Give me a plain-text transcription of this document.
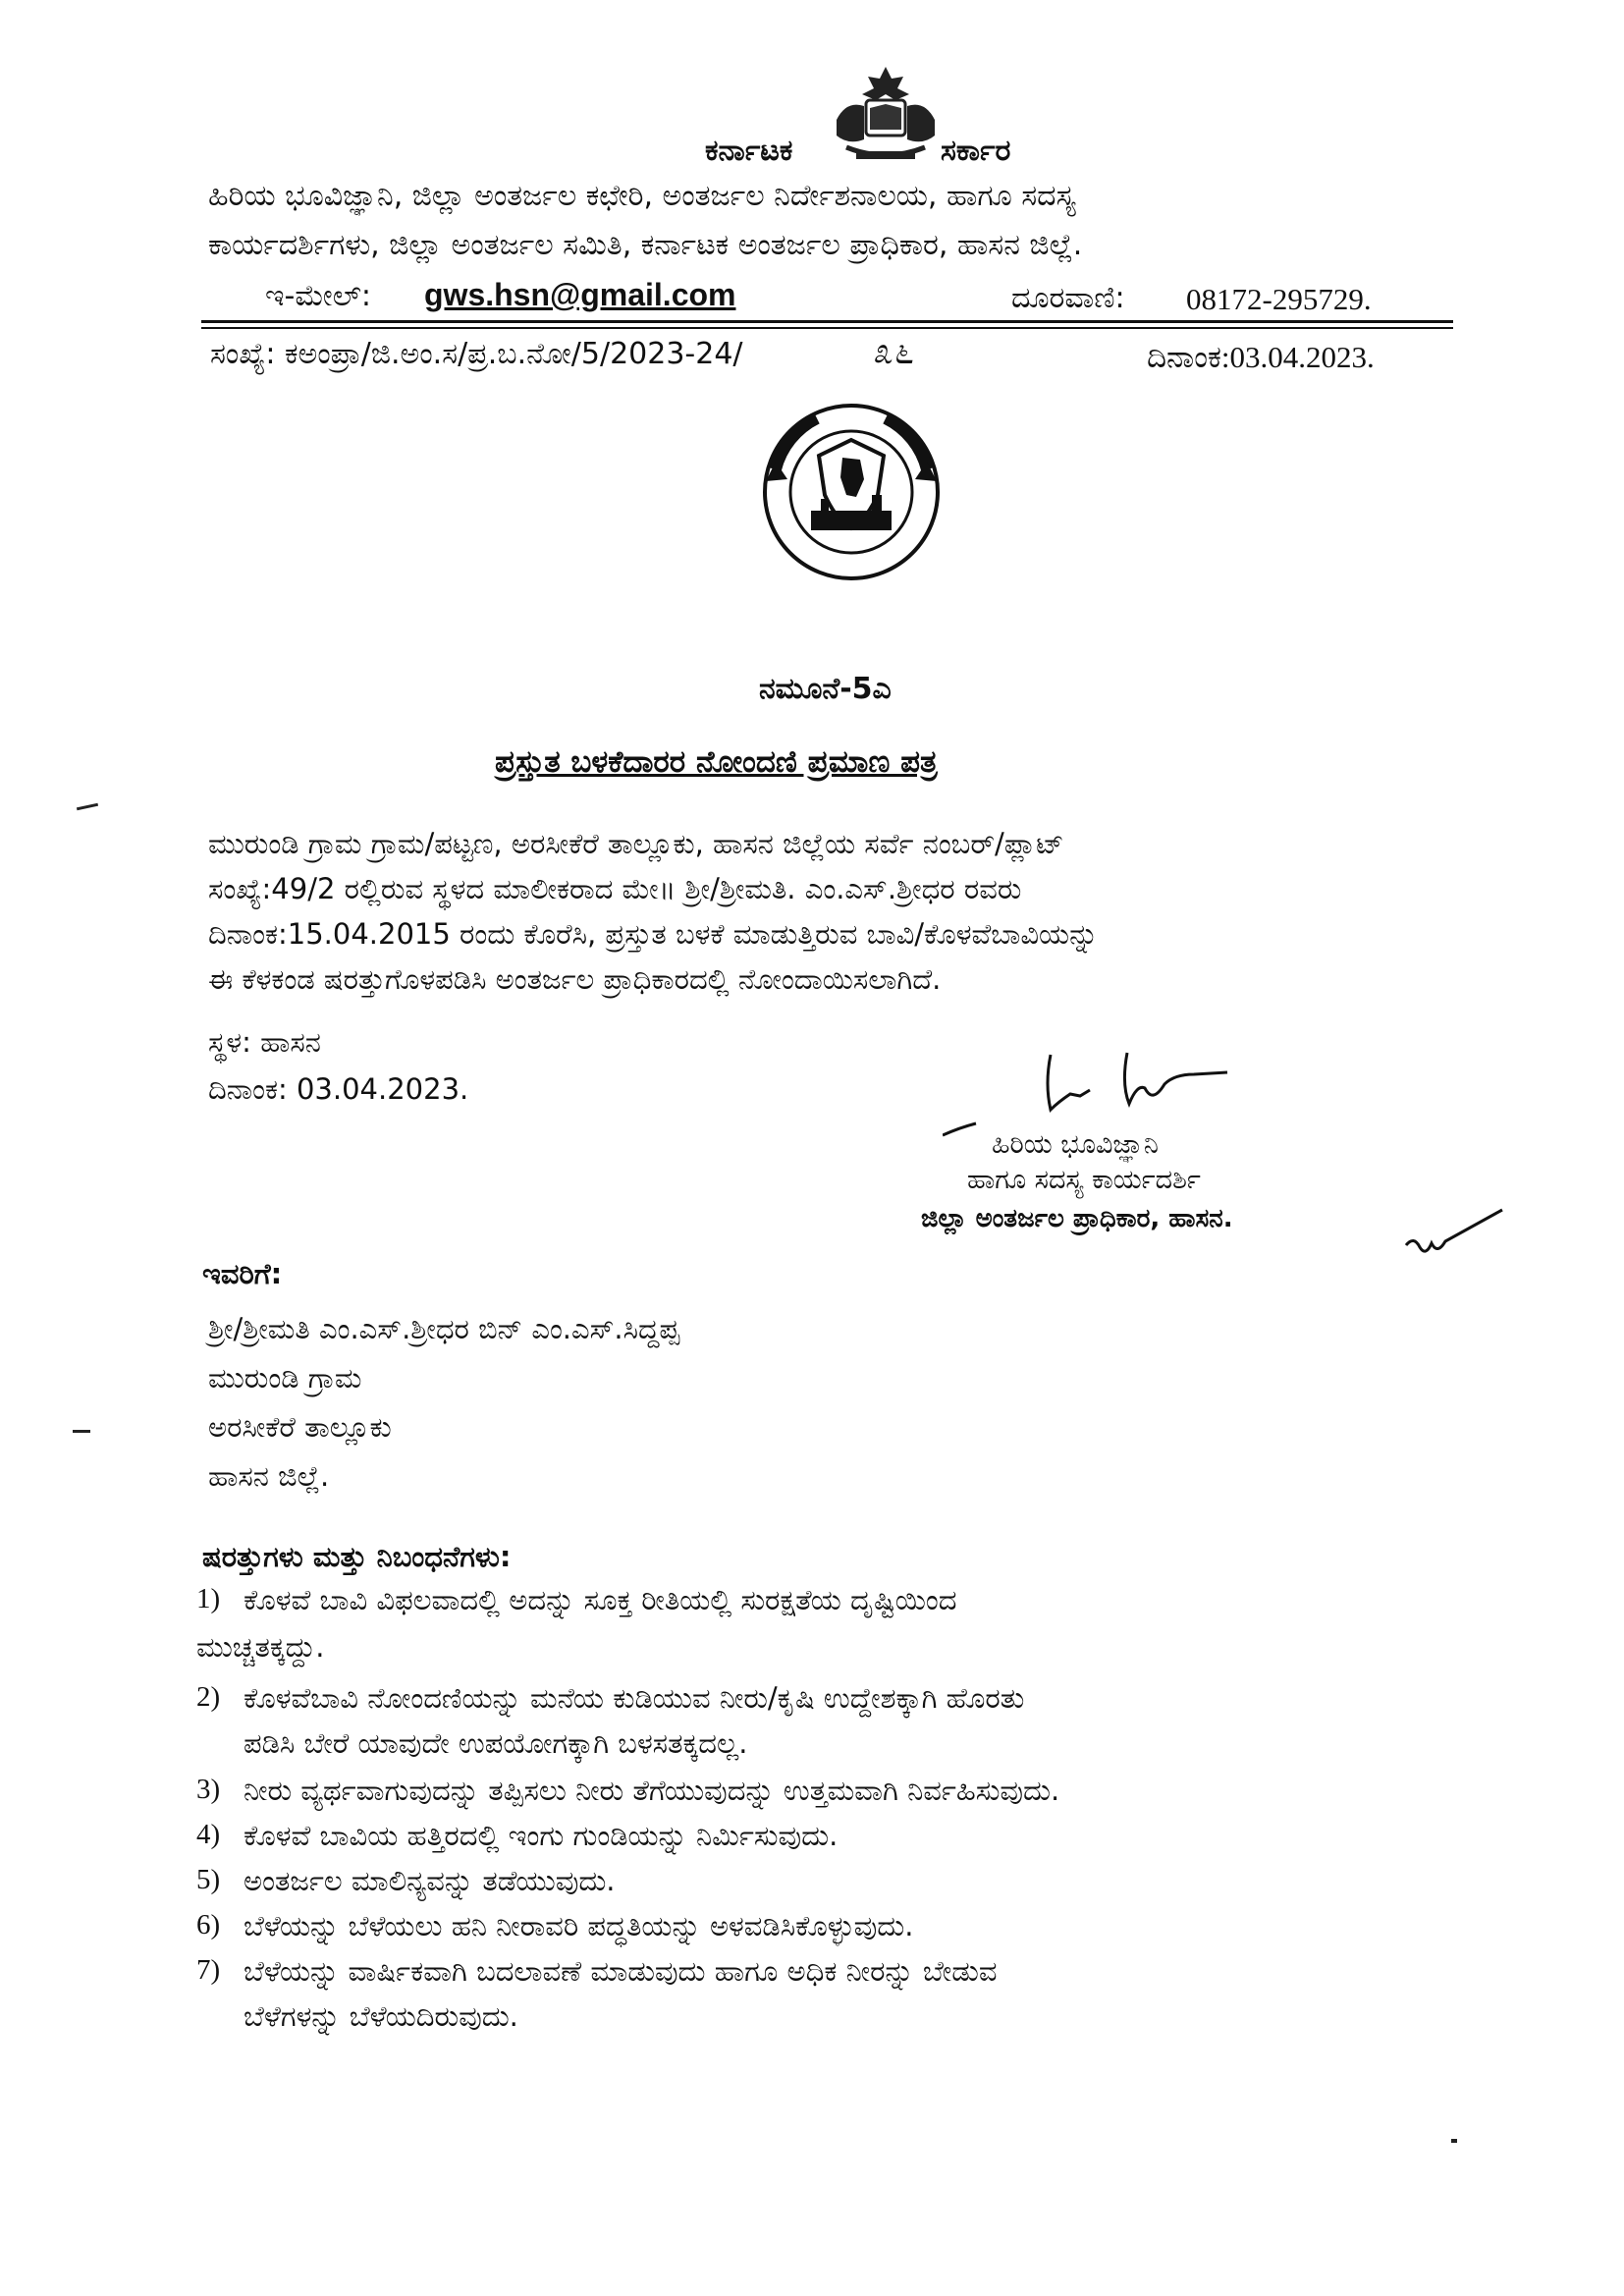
ಕರ್ನಾಟಕ	ಸರ್ಕಾರ
ಹಿರಿಯ ಭೂವಿಜ್ಞಾನಿ, ಜಿಲ್ಲಾ ಅಂತರ್ಜಲ ಕಛೇರಿ, ಅಂತರ್ಜಲ ನಿರ್ದೇಶನಾಲಯ, ಹಾಗೂ ಸದಸ್ಯ
ಕಾರ್ಯದರ್ಶಿಗಳು, ಜಿಲ್ಲಾ ಅಂತರ್ಜಲ ಸಮಿತಿ, ಕರ್ನಾಟಕ ಅಂತರ್ಜಲ ಪ್ರಾಧಿಕಾರ, ಹಾಸನ ಜಿಲ್ಲೆ.
ಇ-ಮೇಲ್: gws.hsn@gmail.com	ದೂರವಾಣಿ: 08172-295729.
ಸಂಖ್ಯೆ: ಕಅಂಪ್ರಾ/ಜಿ.ಅಂ.ಸ/ಪ್ರ.ಬ.ನೋ/5/2023-24/	೩೬	ದಿನಾಂಕ:03.04.2023.
ನಮೂನೆ-5ಎ
ಪ್ರಸ್ತುತ ಬಳಕೆದಾರರ ನೋಂದಣಿ ಪ್ರಮಾಣ ಪತ್ರ
ಮುರುಂಡಿ ಗ್ರಾಮ ಗ್ರಾಮ/ಪಟ್ಟಣ, ಅರಸೀಕೆರೆ ತಾಲ್ಲೂಕು, ಹಾಸನ ಜಿಲ್ಲೆಯ ಸರ್ವೆ ನಂಬರ್/ಪ್ಲಾಟ್
ಸಂಖ್ಯೆ:49/2 ರಲ್ಲಿರುವ ಸ್ಥಳದ ಮಾಲೀಕರಾದ ಮೇ॥ ಶ್ರೀ/ಶ್ರೀಮತಿ. ಎಂ.ಎಸ್.ಶ್ರೀಧರ ರವರು
ದಿನಾಂಕ:15.04.2015 ರಂದು ಕೊರೆಸಿ, ಪ್ರಸ್ತುತ ಬಳಕೆ ಮಾಡುತ್ತಿರುವ ಬಾವಿ/ಕೊಳವೆಬಾವಿಯನ್ನು
ಈ ಕೆಳಕಂಡ ಷರತ್ತುಗೊಳಪಡಿಸಿ ಅಂತರ್ಜಲ ಪ್ರಾಧಿಕಾರದಲ್ಲಿ ನೋಂದಾಯಿಸಲಾಗಿದೆ.
ಸ್ಥಳ: ಹಾಸನ
ದಿನಾಂಕ: 03.04.2023.
ಹಿರಿಯ ಭೂವಿಜ್ಞಾನಿ
ಹಾಗೂ ಸದಸ್ಯ ಕಾರ್ಯದರ್ಶಿ
ಜಿಲ್ಲಾ ಅಂತರ್ಜಲ ಪ್ರಾಧಿಕಾರ, ಹಾಸನ.
ಇವರಿಗೆ:
ಶ್ರೀ/ಶ್ರೀಮತಿ ಎಂ.ಎಸ್.ಶ್ರೀಧರ ಬಿನ್ ಎಂ.ಎಸ್.ಸಿದ್ದಪ್ಪ
ಮುರುಂಡಿ ಗ್ರಾಮ
ಅರಸೀಕೆರೆ ತಾಲ್ಲೂಕು
ಹಾಸನ ಜಿಲ್ಲೆ.
ಷರತ್ತುಗಳು ಮತ್ತು ನಿಬಂಧನೆಗಳು:
1) ಕೊಳವೆ ಬಾವಿ ವಿಫಲವಾದಲ್ಲಿ ಅದನ್ನು ಸೂಕ್ತ ರೀತಿಯಲ್ಲಿ ಸುರಕ್ಷತೆಯ ದೃಷ್ಟಿಯಿಂದ
ಮುಚ್ಚತಕ್ಕದ್ದು.
2) ಕೊಳವೆಬಾವಿ ನೋಂದಣಿಯನ್ನು ಮನೆಯ ಕುಡಿಯುವ ನೀರು/ಕೃಷಿ ಉದ್ದೇಶಕ್ಕಾಗಿ ಹೊರತು
ಪಡಿಸಿ ಬೇರೆ ಯಾವುದೇ ಉಪಯೋಗಕ್ಕಾಗಿ ಬಳಸತಕ್ಕದಲ್ಲ.
3) ನೀರು ವ್ಯರ್ಥವಾಗುವುದನ್ನು ತಪ್ಪಿಸಲು ನೀರು ತೆಗೆಯುವುದನ್ನು ಉತ್ತಮವಾಗಿ ನಿರ್ವಹಿಸುವುದು.
4) ಕೊಳವೆ ಬಾವಿಯ ಹತ್ತಿರದಲ್ಲಿ ಇಂಗು ಗುಂಡಿಯನ್ನು ನಿರ್ಮಿಸುವುದು.
5) ಅಂತರ್ಜಲ ಮಾಲಿನ್ಯವನ್ನು ತಡೆಯುವುದು.
6) ಬೆಳೆಯನ್ನು ಬೆಳೆಯಲು ಹನಿ ನೀರಾವರಿ ಪದ್ಧತಿಯನ್ನು ಅಳವಡಿಸಿಕೊಳ್ಳುವುದು.
7) ಬೆಳೆಯನ್ನು ವಾರ್ಷಿಕವಾಗಿ ಬದಲಾವಣೆ ಮಾಡುವುದು ಹಾಗೂ ಅಧಿಕ ನೀರನ್ನು ಬೇಡುವ
ಬೆಳೆಗಳನ್ನು ಬೆಳೆಯದಿರುವುದು.
